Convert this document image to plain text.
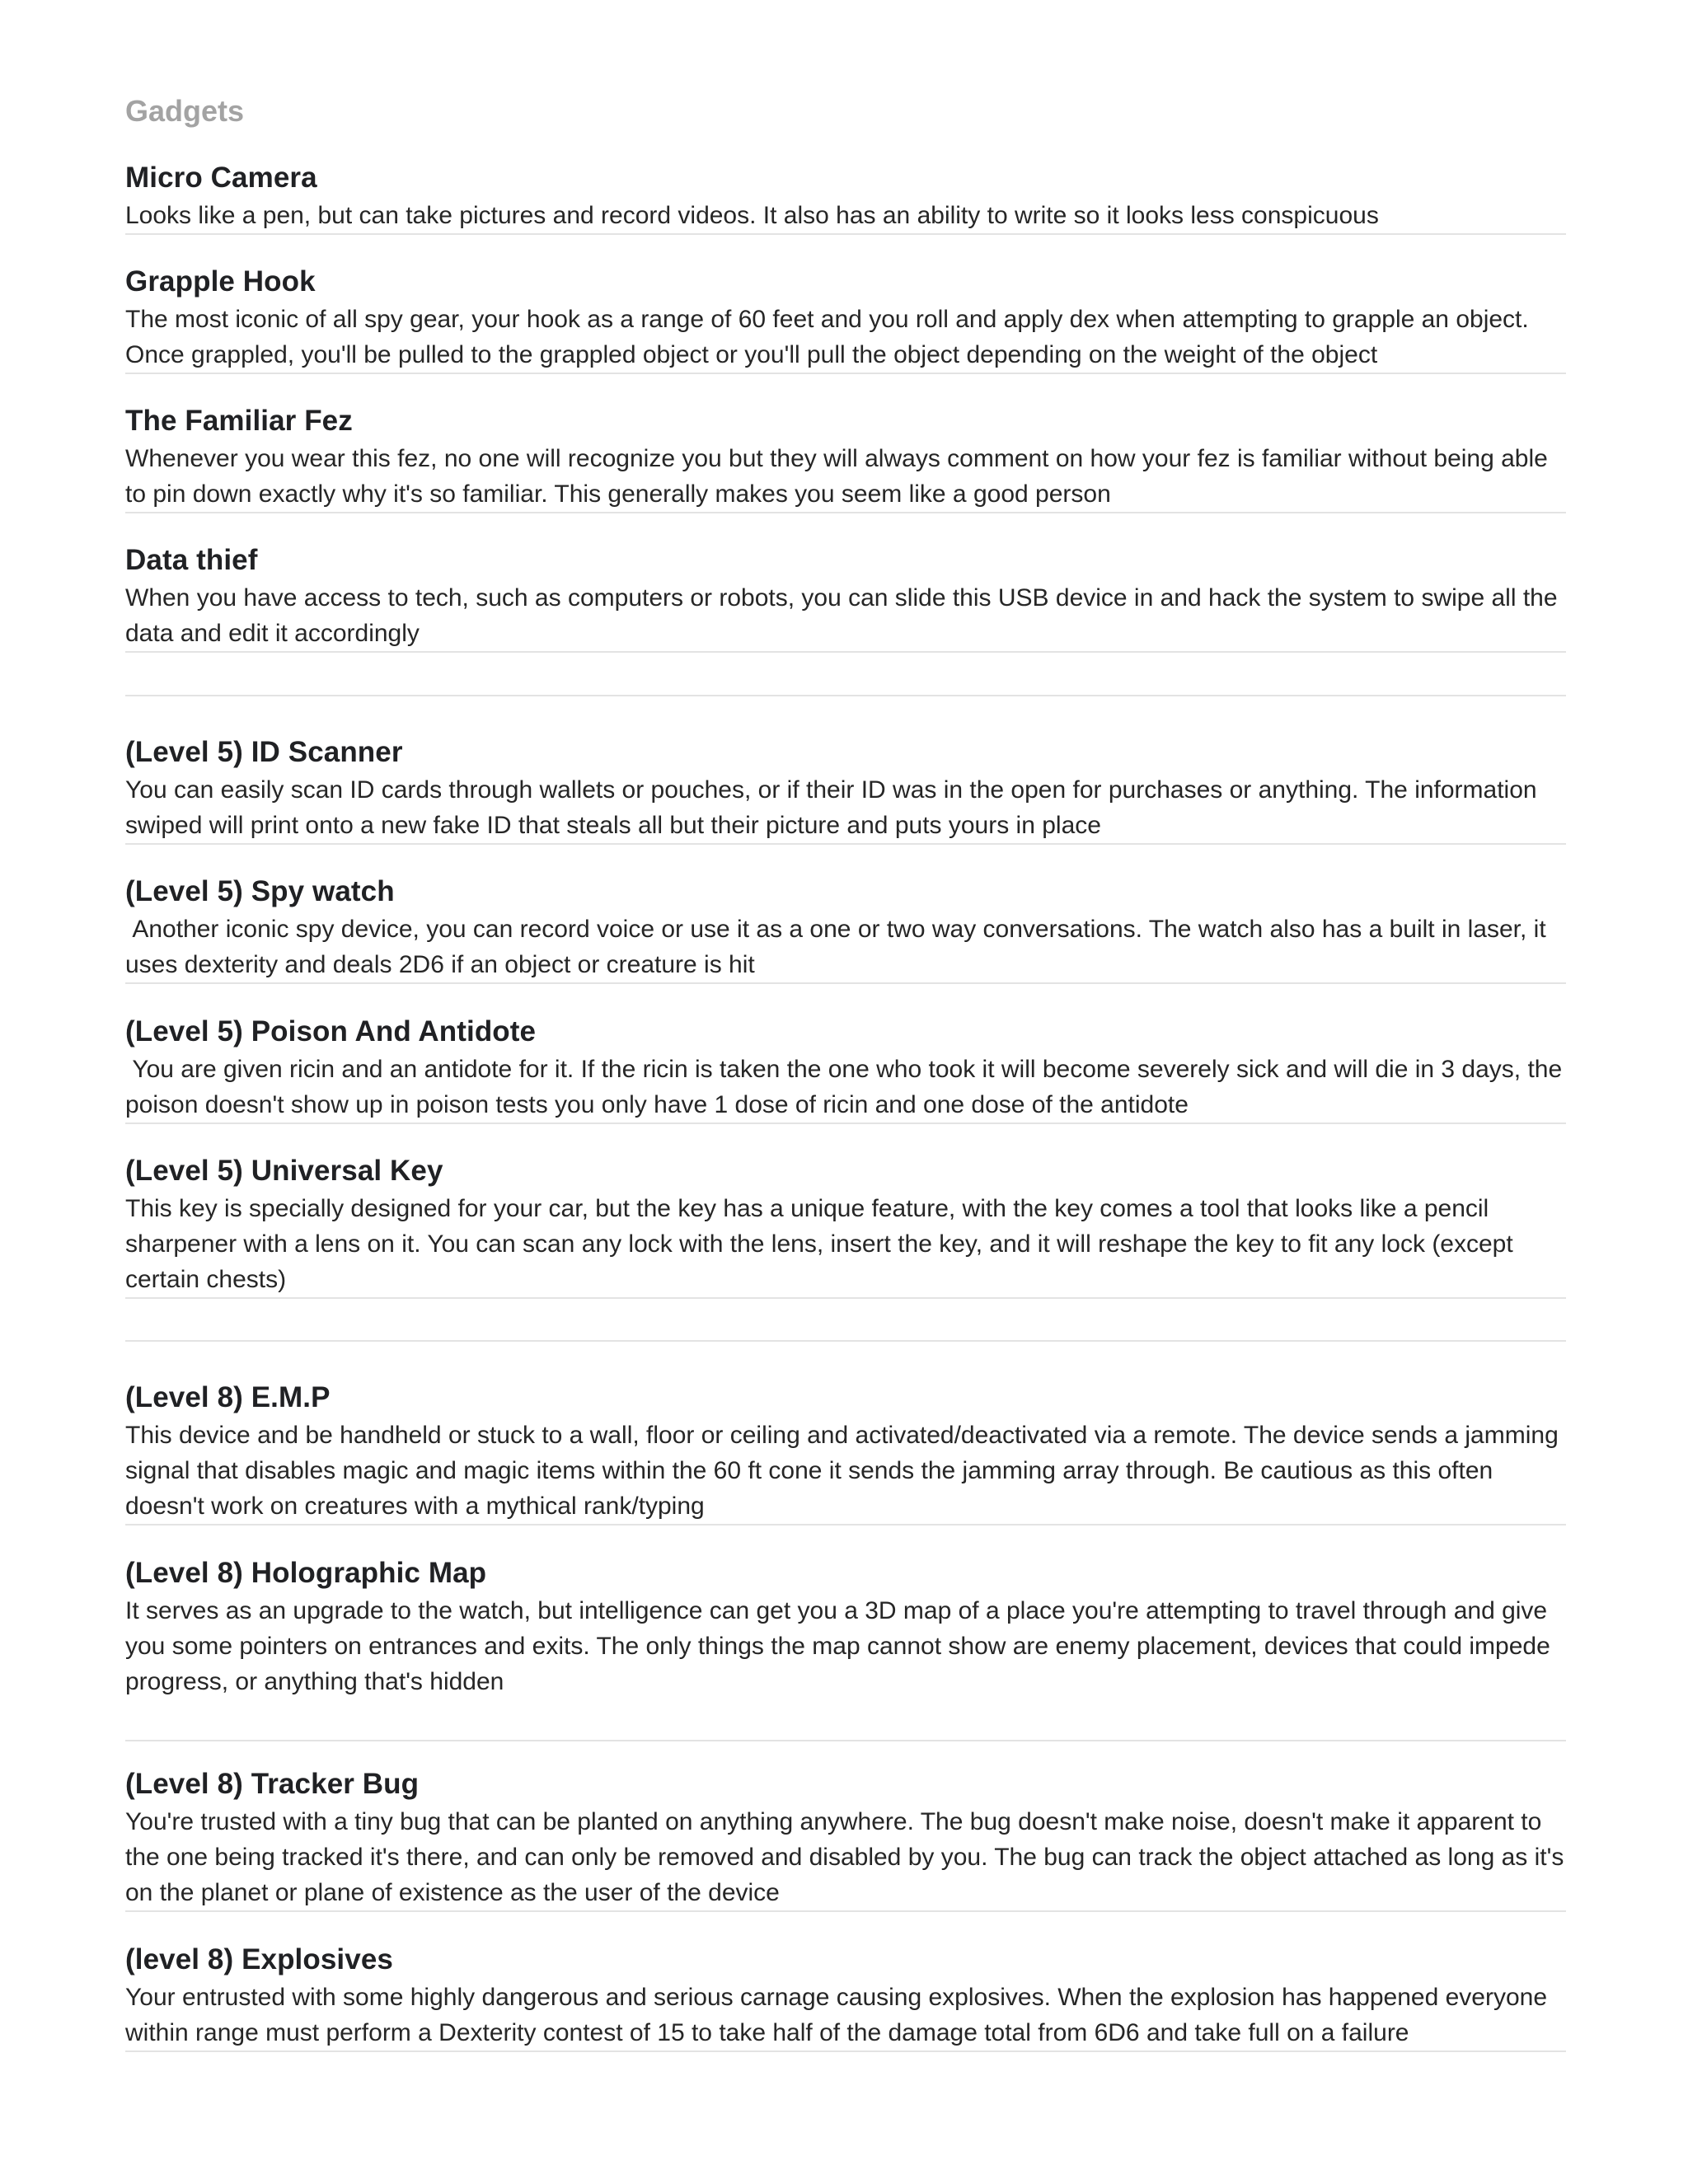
Gadgets
Micro Camera

Looks like a pen, but can take pictures and record videos. It also has an ability to write so it looks less conspicuous

Grapple Hook

The most iconic of all spy gear, your hook as a range of 60 feet and you roll and apply dex when attempting to grapple an object. Once grappled, you'll be pulled to the grappled object or you'll pull the object depending on the weight of the object

The Familiar Fez

Whenever you wear this fez, no one will recognize you but they will always comment on how your fez is familiar without being able to pin down exactly why it's so familiar. This generally makes you seem like a good person

Data thief

When you have access to tech, such as computers or robots, you can slide this USB device in and hack the system to swipe all the data and edit it accordingly

(Level 5) ID Scanner

You can easily scan ID cards through wallets or pouches, or if their ID was in the open for purchases or anything. The information swiped will print onto a new fake ID that steals all but their picture and puts yours in place

(Level 5) Spy watch

Another iconic spy device, you can record voice or use it as a one or two way conversations. The watch also has a built in laser, it uses dexterity and deals 2D6 if an object or creature is hit

(Level 5) Poison And Antidote

You are given ricin and an antidote for it. If the ricin is taken the one who took it will become severely sick and will die in 3 days, the poison doesn't show up in poison tests you only have 1 dose of ricin and one dose of the antidote

(Level 5) Universal Key

This key is specially designed for your car, but the key has a unique feature, with the key comes a tool that looks like a pencil sharpener with a lens on it. You can scan any lock with the lens, insert the key, and it will reshape the key to fit any lock (except certain chests)

(Level 8) E.M.P

This device and be handheld or stuck to a wall, floor or ceiling and activated/deactivated via a remote. The device sends a jamming signal that disables magic and magic items within the 60 ft cone it sends the jamming array through. Be cautious as this often doesn't work on creatures with a mythical rank/typing

(Level 8) Holographic Map

It serves as an upgrade to the watch, but intelligence can get you a 3D map of a place you're attempting to travel through and give you some pointers on entrances and exits. The only things the map cannot show are enemy placement, devices that could impede progress, or anything that's hidden

(Level 8) Tracker Bug

You're trusted with a tiny bug that can be planted on anything anywhere. The bug doesn't make noise, doesn't make it apparent to the one being tracked it's there, and can only be removed and disabled by you. The bug can track the object attached as long as it's on the planet or plane of existence as the user of the device

(level 8) Explosives

Your entrusted with some highly dangerous and serious carnage causing explosives. When the explosion has happened everyone within range must perform a Dexterity contest of 15 to take half of the damage total from 6D6 and take full on a failure
